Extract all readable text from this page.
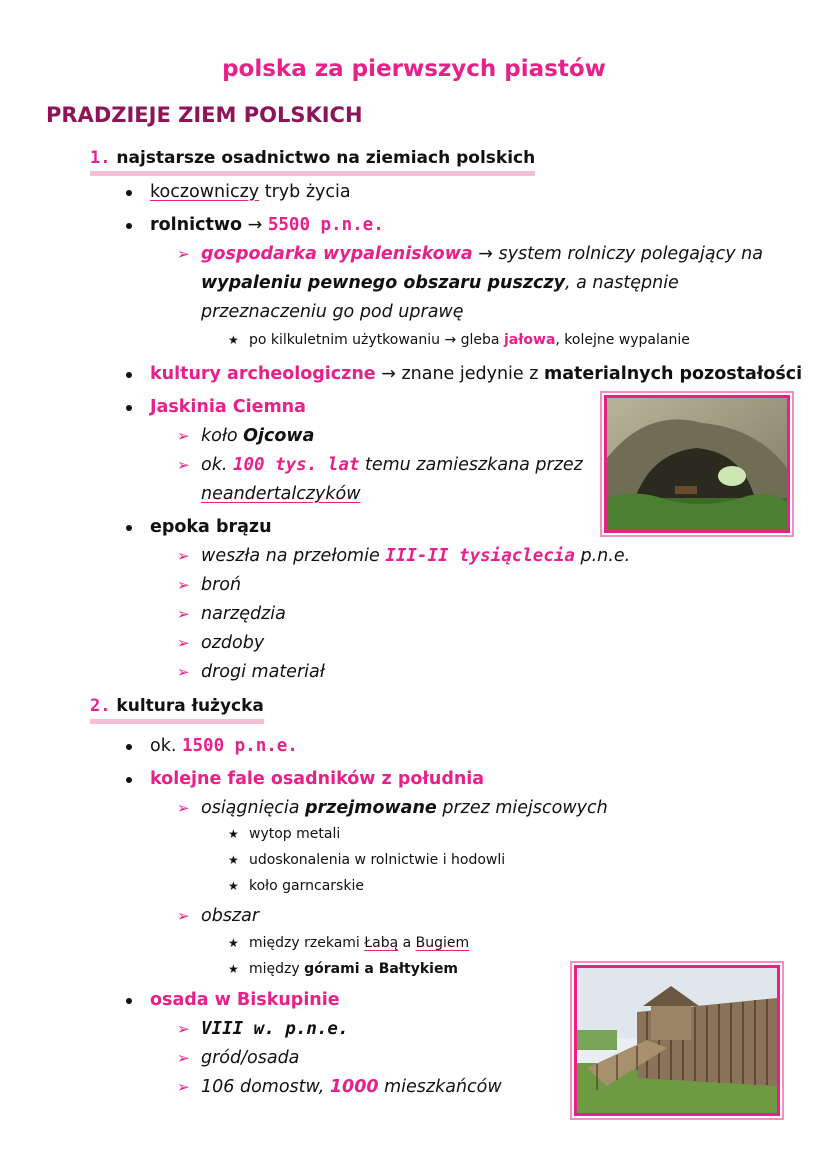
polska za pierwszych piastów
PRADZIEJE ZIEM POLSKICH
1. najstarsze osadnictwo na ziemiach polskich
koczowniczy tryb życia
rolnictwo → 5500 p.n.e.
➢ gospodarka wypaleniskowa → system rolniczy polegający na
wypaleniu pewnego obszaru puszczy, a następnie
przeznaczeniu go pod uprawę
★ po kilkuletnim użytkowaniu → gleba jałowa, kolejne wypalanie
kultury archeologiczne → znane jedynie z materialnych pozostałości
Jaskinia Ciemna
➢ koło Ojcowa
➢ ok. 100 tys. lat temu zamieszkana przez
neandertalczyków
epoka brązu
➢ weszła na przełomie III-II tysiąclecia p.n.e.
➢ broń
➢ narzędzia
➢ ozdoby
➢ drogi materiał
2. kultura łużycka
ok. 1500 p.n.e.
kolejne fale osadników z południa
➢ osiągnięcia przejmowane przez miejscowych
★ wytop metali
★ udoskonalenia w rolnictwie i hodowli
★ koło garncarskie
➢ obszar
★ między rzekami Łabą a Bugiem
★ między górami a Bałtykiem
osada w Biskupinie
➢ VIII w. p.n.e.
➢ gród/osada
➢ 106 domostw, 1000 mieszkańców
